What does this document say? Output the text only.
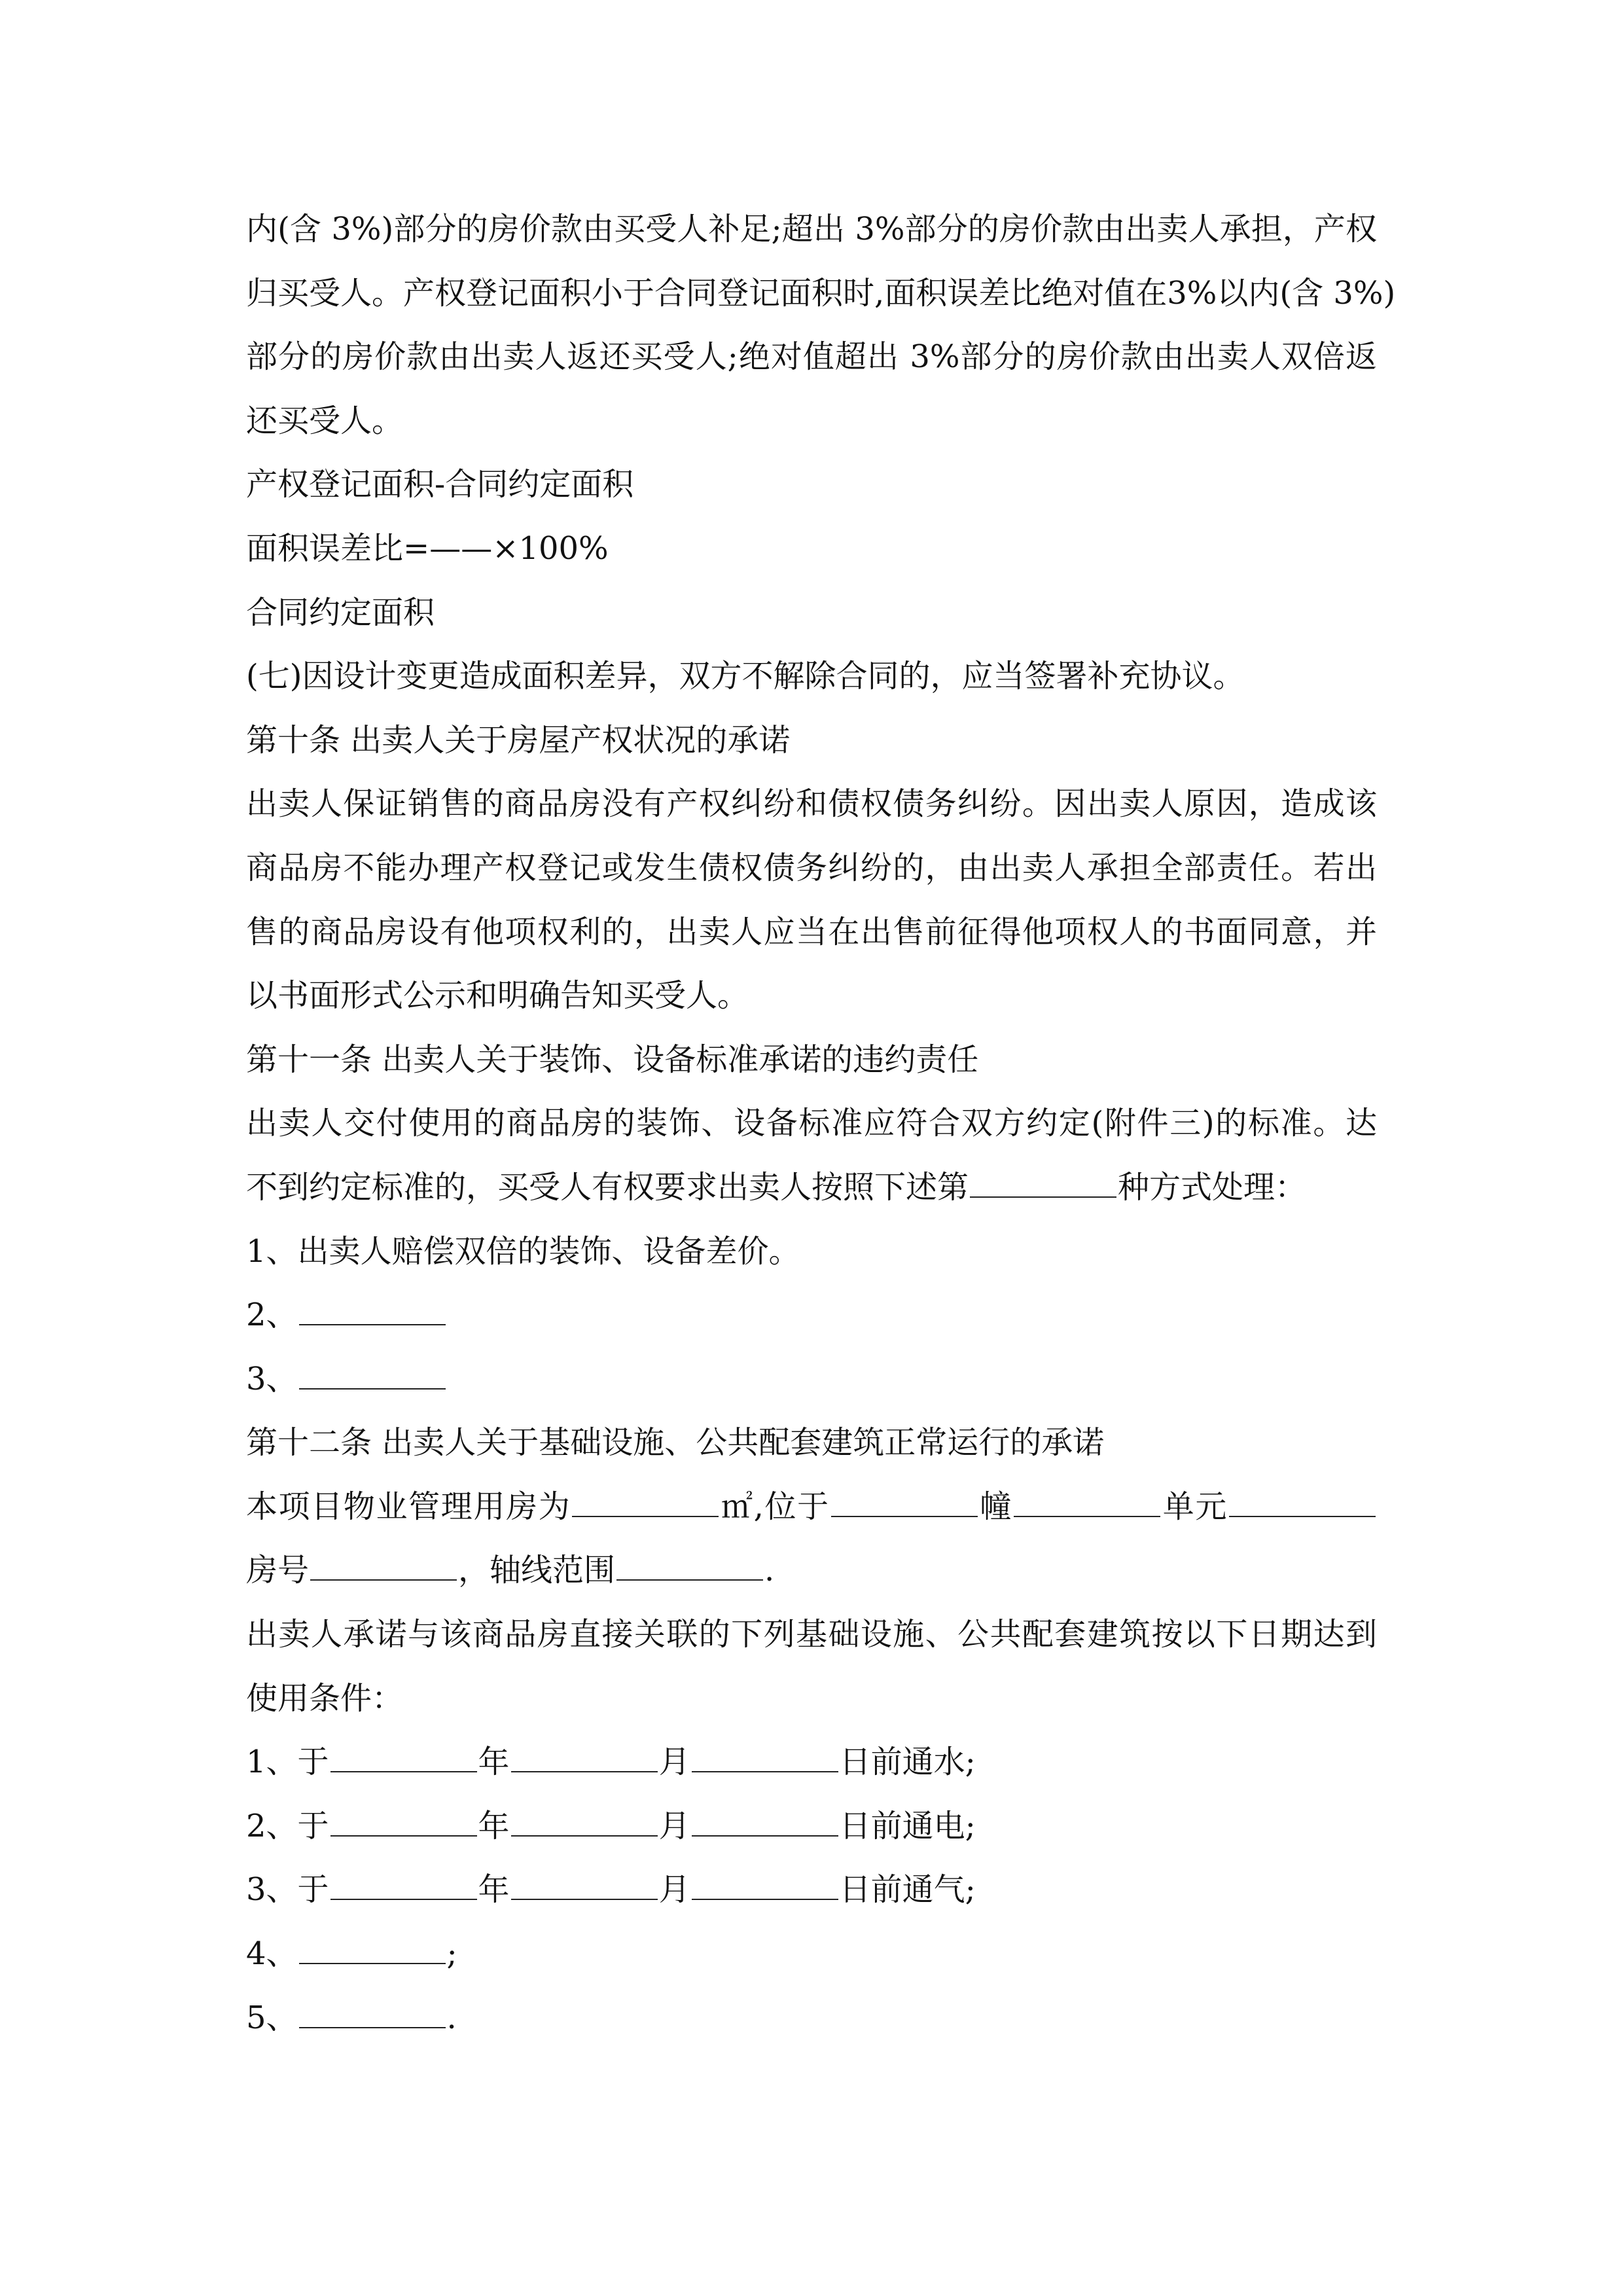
内(含 3%)部分的房价款由买受人补足;超出 3%部分的房价款由出卖人承担，产权
归买受人。产权登记面积小于合同登记面积时,面积误差比绝对值在3%以内(含 3%)
部分的房价款由出卖人返还买受人;绝对值超出 3%部分的房价款由出卖人双倍返
还买受人。
产权登记面积-合同约定面积
面积误差比=——×100%
合同约定面积
(七)因设计变更造成面积差异，双方不解除合同的，应当签署补充协议。
第十条 出卖人关于房屋产权状况的承诺
出卖人保证销售的商品房没有产权纠纷和债权债务纠纷。因出卖人原因，造成该
商品房不能办理产权登记或发生债权债务纠纷的，由出卖人承担全部责任。若出
售的商品房设有他项权利的，出卖人应当在出售前征得他项权人的书面同意，并
以书面形式公示和明确告知买受人。
第十一条 出卖人关于装饰、设备标准承诺的违约责任
出卖人交付使用的商品房的装饰、设备标准应符合双方约定(附件三)的标准。达
不到约定标准的，买受人有权要求出卖人按照下述第	种方式处理：
1、出卖人赔偿双倍的装饰、设备差价。
2、
3、
第十二条 出卖人关于基础设施、公共配套建筑正常运行的承诺
本项目物业管理用房为	㎡,位于	幢	单元
房号	，轴线范围	.
出卖人承诺与该商品房直接关联的下列基础设施、公共配套建筑按以下日期达到
使用条件：
1、于	年	月	日前通水;
2、于	年	月	日前通电;
3、于	年	月	日前通气;
4、	;
5、	.
